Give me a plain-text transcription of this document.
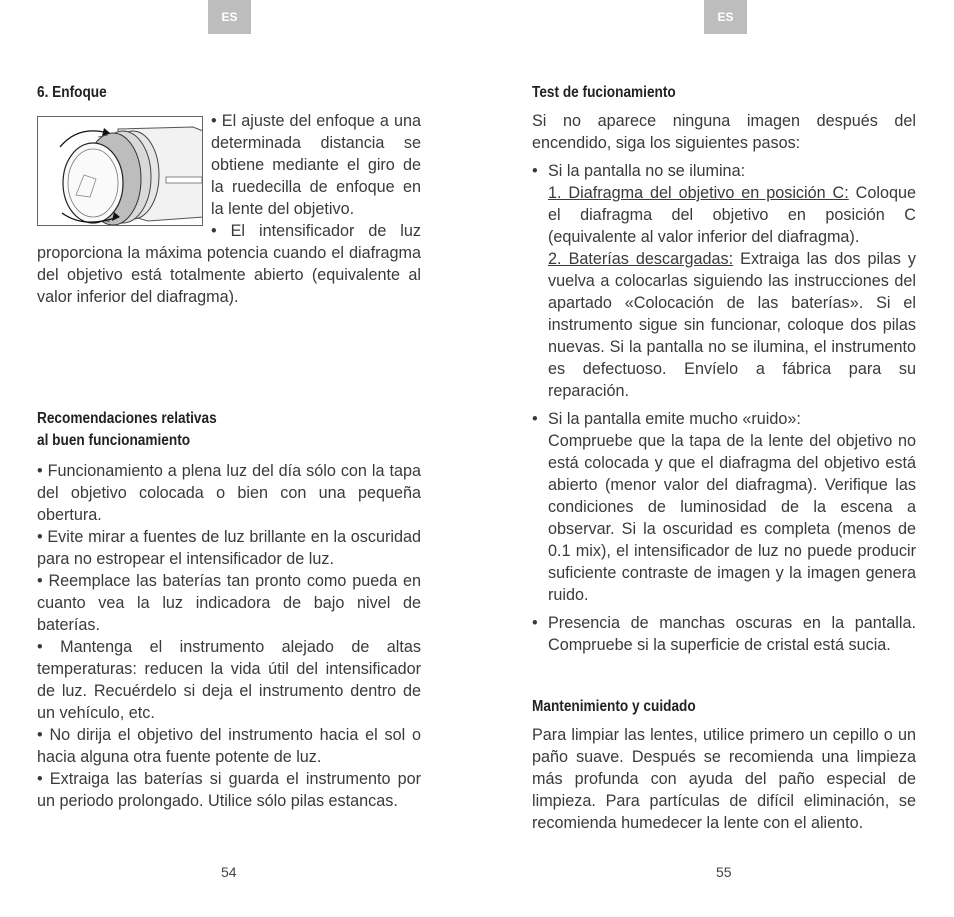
ES	ES
6. Enfoque

• El ajuste del enfoque a una determinada distancia se obtiene mediante el giro de la ruedecilla de enfoque en la lente del objetivo.

• El intensificador de luz proporciona la máxima potencia cuando el diafragma del objetivo está totalmente abierto (equivalente al valor inferior del diafragma).

Recomendaciones relativas
al buen funcionamiento

• Funcionamiento a plena luz del día sólo con la tapa del objetivo colocada o bien con una pequeña obertura.

• Evite mirar a fuentes de luz brillante en la oscuridad para no estropear el intensificador de luz.

• Reemplace las baterías tan pronto como pueda en cuanto vea la luz indicadora de bajo nivel de baterías.

• Mantenga el instrumento alejado de altas temperaturas: reducen la vida útil del intensificador de luz. Recuérdelo si deja el instrumento dentro de un vehículo, etc.

• No dirija el objetivo del instrumento hacia el sol o hacia alguna otra fuente potente de luz.

• Extraiga las baterías si guarda el instrumento por un periodo prolongado. Utilice sólo pilas estancas.

Test de fucionamiento

Si no aparece ninguna imagen después del encendido, siga los siguientes pasos:

• Si la pantalla no se ilumina:
1. Diafragma del objetivo en posición C: Coloque el diafragma del objetivo en posición C (equivalente al valor inferior del diafragma).
2. Baterías descargadas: Extraiga las dos pilas y vuelva a colocarlas siguiendo las instrucciones del apartado «Colocación de las baterías». Si el instrumento sigue sin funcionar, coloque dos pilas nuevas. Si la pantalla no se ilumina, el instrumento es defectuoso. Envíelo a fábrica para su reparación.
• Si la pantalla emite mucho «ruido»:
Compruebe que la tapa de la lente del objetivo no está colocada y que el diafragma del objetivo está abierto (menor valor del diafragma). Verifique las condiciones de luminosidad de la escena a observar. Si la oscuridad es completa (menos de 0.1 mix), el intensificador de luz no puede producir suficiente contraste de imagen y la imagen genera ruido.
• Presencia de manchas oscuras en la pantalla. Compruebe si la superficie de cristal está sucia.
Mantenimiento y cuidado

Para limpiar las lentes, utilice primero un cepillo o un paño suave. Después se recomienda una limpieza más profunda con ayuda del paño especial de limpieza. Para partículas de difícil eliminación, se recomienda humedecer la lente con el aliento.

54	55
